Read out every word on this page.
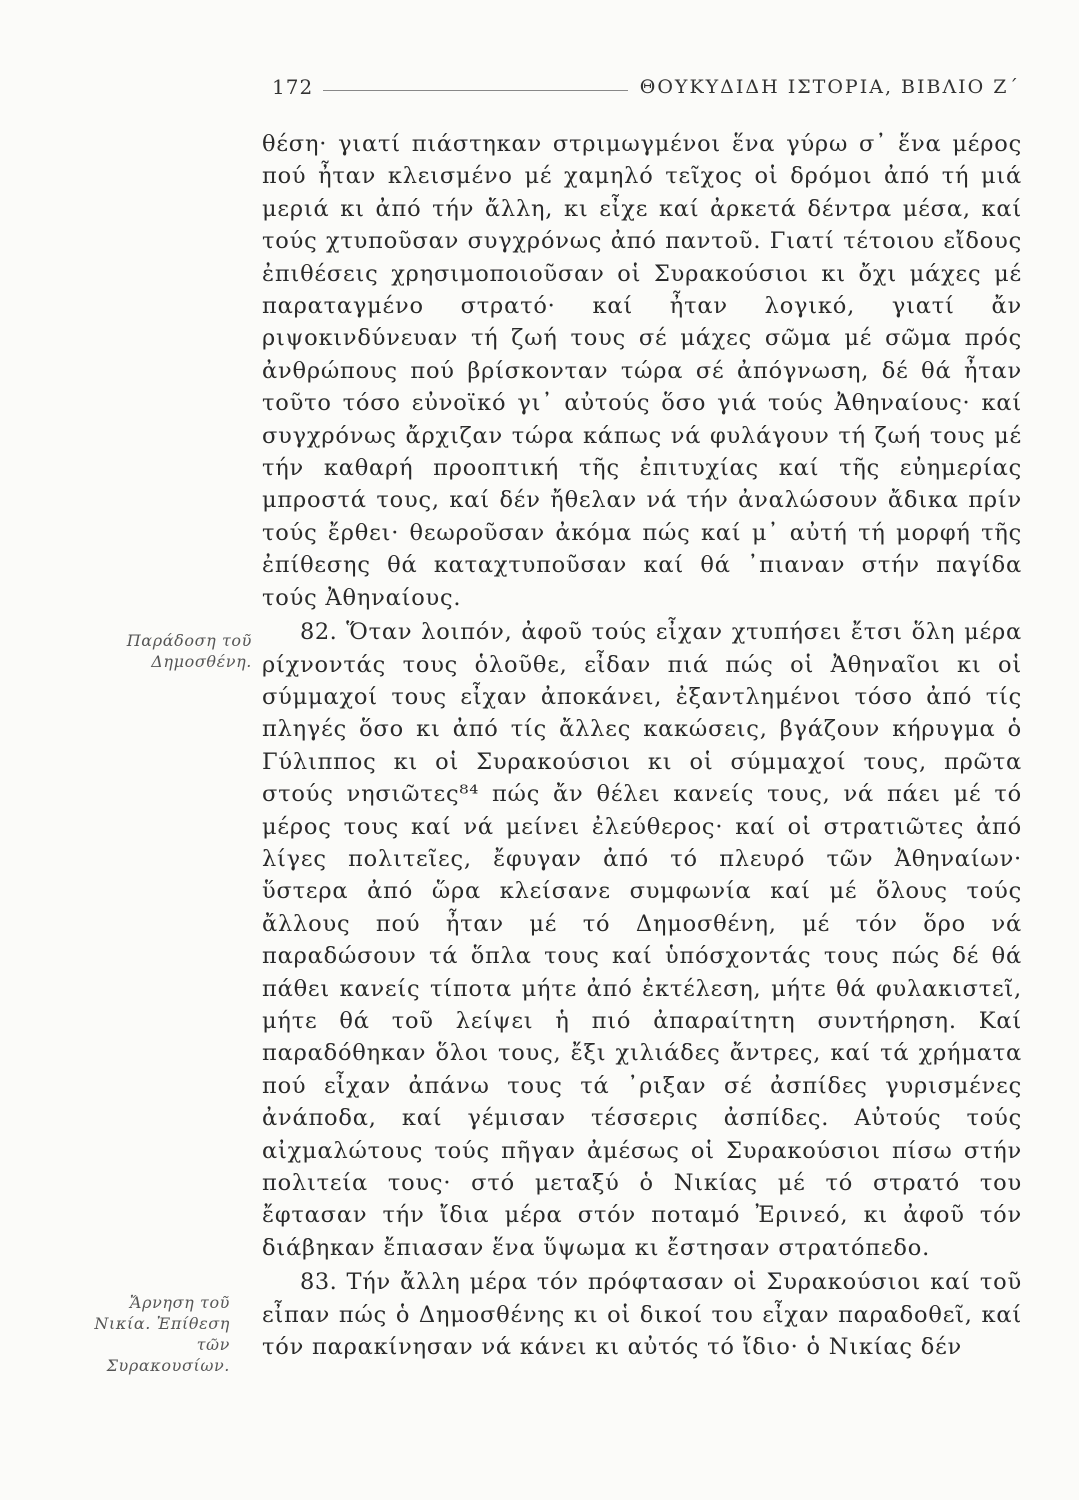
172	ΘΟΥΚΥΔΙΔΗ ΙΣΤΟΡΙΑ, ΒΙΒΛΙΟ Ζ΄
Παράδοση τοῦ Δημοσθένη.
Ἄρνηση τοῦ Νικία. Ἐπίθεση τῶν Συρακουσίων.

θέση· γιατί πιάστηκαν στριμωγμένοι ἕνα γύρω σ᾽ ἕνα μέρος πού ἦταν κλεισμένο μέ χαμηλό τεῖχος οἱ δρόμοι ἀπό τή μιά μεριά κι ἀπό τήν ἄλλη, κι εἶχε καί ἀρκετά δέντρα μέσα, καί τούς χτυποῦσαν συγχρόνως ἀπό παντοῦ. Γιατί τέτοιου εἴδους ἐπιθέσεις χρησιμοποιοῦσαν οἱ Συρακούσιοι κι ὄχι μάχες μέ παραταγμένο στρατό· καί ἦταν λογικό, γιατί ἄν ριψοκινδύνευαν τή ζωή τους σέ μάχες σῶμα μέ σῶμα πρός ἀνθρώπους πού βρίσκονταν τώρα σέ ἀπόγνωση, δέ θά ἦταν τοῦτο τόσο εὐνοϊκό γι᾽ αὐτούς ὅσο γιά τούς Ἀθηναίους· καί συγχρόνως ἄρχιζαν τώρα κάπως νά φυλάγουν τή ζωή τους μέ τήν καθαρή προοπτική τῆς ἐπιτυχίας καί τῆς εὐημερίας μπροστά τους, καί δέν ἤθελαν νά τήν ἀναλώσουν ἄδικα πρίν τούς ἔρθει· θεωροῦσαν ἀκόμα πώς καί μ᾽ αὐτή τή μορφή τῆς ἐπίθεσης θά καταχτυποῦσαν καί θά ᾽πιαναν στήν παγίδα τούς Ἀθηναίους.

82. Ὅταν λοιπόν, ἀφοῦ τούς εἶχαν χτυπήσει ἔτσι ὅλη μέρα ρίχνοντάς τους ὁλοῦθε, εἶδαν πιά πώς οἱ Ἀθηναῖοι κι οἱ σύμμαχοί τους εἶχαν ἀποκάνει, ἐξαντλημένοι τόσο ἀπό τίς πληγές ὅσο κι ἀπό τίς ἄλλες κακώσεις, βγάζουν κήρυγμα ὁ Γύλιππος κι οἱ Συρακούσιοι κι οἱ σύμμαχοί τους, πρῶτα στούς νησιῶτες⁸⁴ πώς ἄν θέλει κανείς τους, νά πάει μέ τό μέρος τους καί νά μείνει ἐλεύθερος· καί οἱ στρατιῶτες ἀπό λίγες πολιτεῖες, ἔφυγαν ἀπό τό πλευρό τῶν Ἀθηναίων· ὕστερα ἀπό ὥρα κλείσανε συμφωνία καί μέ ὅλους τούς ἄλλους πού ἦταν μέ τό Δημοσθένη, μέ τόν ὅρο νά παραδώσουν τά ὅπλα τους καί ὑπόσχοντάς τους πώς δέ θά πάθει κανείς τίποτα μήτε ἀπό ἐκτέλεση, μήτε θά φυλακιστεῖ, μήτε θά τοῦ λείψει ἡ πιό ἀπαραίτητη συντήρηση. Καί παραδόθηκαν ὅλοι τους, ἔξι χιλιάδες ἄντρες, καί τά χρήματα πού εἶχαν ἀπάνω τους τά ᾽ριξαν σέ ἀσπίδες γυρισμένες ἀνάποδα, καί γέμισαν τέσσερις ἀσπίδες. Αὐτούς τούς αἰχμαλώτους τούς πῆγαν ἀμέσως οἱ Συρακούσιοι πίσω στήν πολιτεία τους· στό μεταξύ ὁ Νικίας μέ τό στρατό του ἔφτασαν τήν ἴδια μέρα στόν ποταμό Ἐρινεό, κι ἀφοῦ τόν διάβηκαν ἔπιασαν ἕνα ὕψωμα κι ἔστησαν στρατόπεδο.

83. Τήν ἄλλη μέρα τόν πρόφτασαν οἱ Συρακούσιοι καί τοῦ εἶπαν πώς ὁ Δημοσθένης κι οἱ δικοί του εἶχαν παραδοθεῖ, καί τόν παρακίνησαν νά κάνει κι αὐτός τό ἴδιο· ὁ Νικίας δέν
